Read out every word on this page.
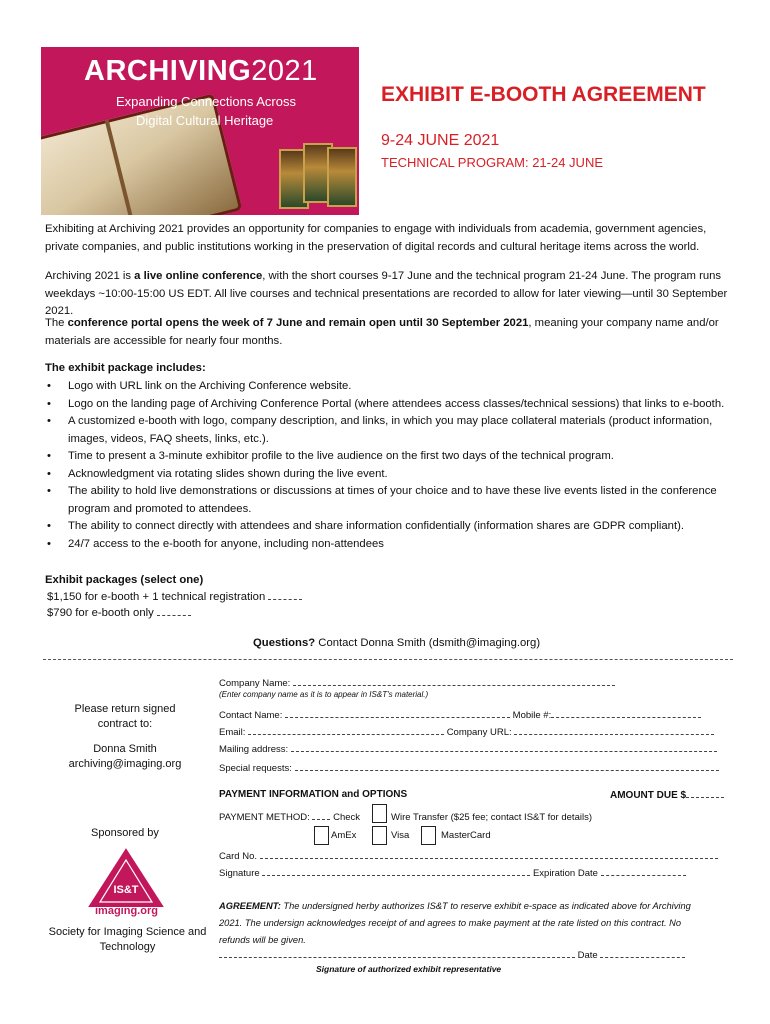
ARCHIVING2021
Expanding Connections Across
Digital Cultural Heritage
EXHIBIT E-BOOTH AGREEMENT
9-24 JUNE 2021
TECHNICAL PROGRAM: 21-24 JUNE
Exhibiting at Archiving 2021 provides an opportunity for companies to engage with individuals from academia, government agencies, private companies, and public institutions working in the preservation of digital records and cultural heritage items across the world.
Archiving 2021 is a live online conference, with the short courses 9-17 June and the technical program 21-24 June. The program runs weekdays ~10:00-15:00 US EDT. All live courses and technical presentations are recorded to allow for later viewing—until 30 September 2021.
The conference portal opens the week of 7 June and remain open until 30 September 2021, meaning your company name and/or materials are accessible for nearly four months.
The exhibit package includes:
• Logo with URL link on the Archiving Conference website.
• Logo on the landing page of Archiving Conference Portal (where attendees access classes/technical sessions) that links to e-booth.
• A customized e-booth with logo, company description, and links, in which you may place collateral materials (product information, images, videos, FAQ sheets, links, etc.).
• Time to present a 3-minute exhibitor profile to the live audience on the first two days of the technical program.
• Acknowledgment via rotating slides shown during the live event.
• The ability to hold live demonstrations or discussions at times of your choice and to have these live events listed in the conference program and promoted to attendees.
• The ability to connect directly with attendees and share information confidentially (information shares are GDPR compliant).
• 24/7 access to the e-booth for anyone, including non-attendees
Exhibit packages (select one)
$1,150 for e-booth + 1 technical registration
$790 for e-booth only
Questions? Contact Donna Smith (dsmith@imaging.org)
Please return signed
contract to:
Donna Smith
archiving@imaging.org
Sponsored by
IS&T
imaging.org
Society for Imaging Science and
Technology
Company Name:
(Enter company name as it is to appear in IS&T's material.)
Contact Name:	Mobile #:
Email:	Company URL:
Mailing address:
Special requests:
PAYMENT INFORMATION and OPTIONS	AMOUNT DUE $
PAYMENT METHOD: Check	Wire Transfer ($25 fee; contact IS&T for details)
AmEx	Visa	MasterCard
Card No.
Signature	Expiration Date
AGREEMENT: The undersigned herby authorizes IS&T to reserve exhibit e-space as indicated above for Archiving 2021. The undersign acknowledges receipt of and agrees to make payment at the rate listed on this contract. No refunds will be given.
Date
Signature of authorized exhibit representative
